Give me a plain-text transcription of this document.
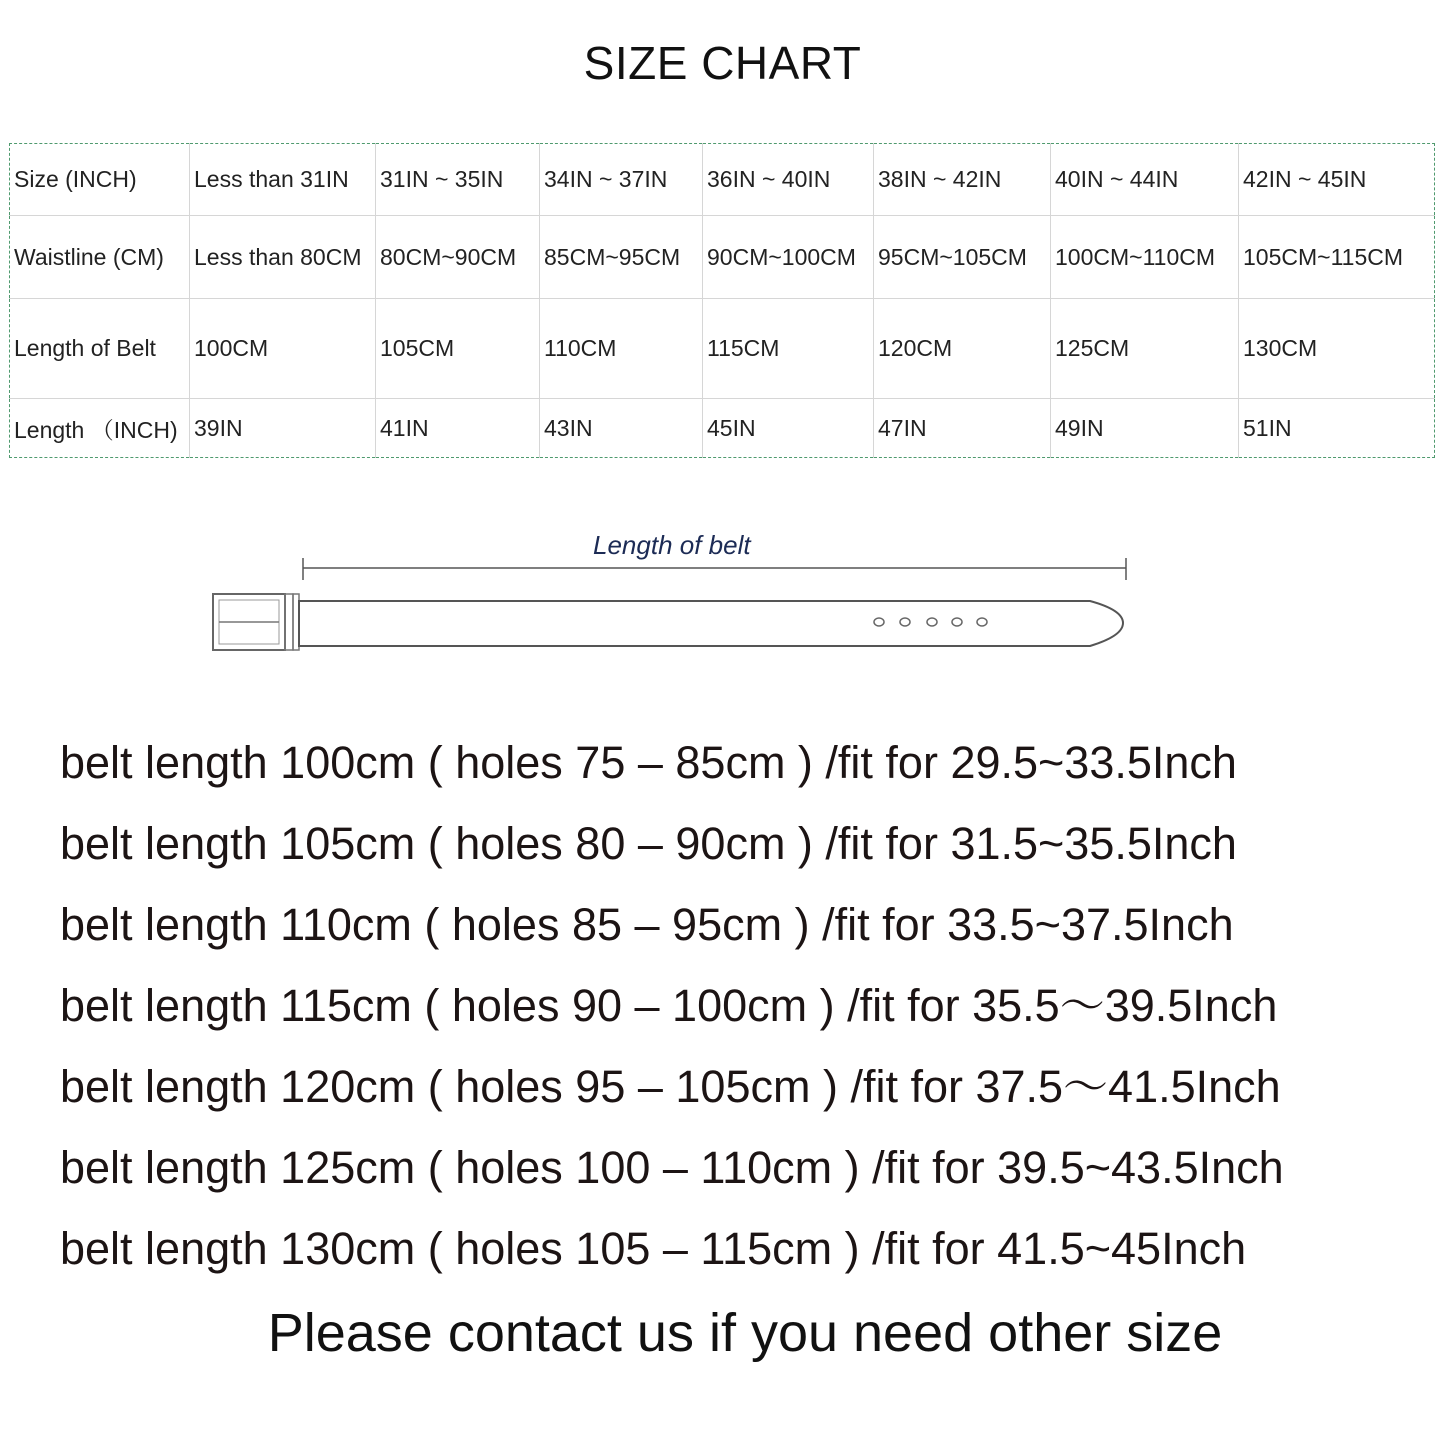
SIZE CHART
Size (INCH)	Less than 31IN	31IN ~ 35IN	34IN ~ 37IN	36IN ~ 40IN	38IN ~ 42IN	40IN ~ 44IN	42IN ~ 45IN
Waistline (CM)	Less than 80CM	80CM~90CM	85CM~95CM	90CM~100CM	95CM~105CM	100CM~110CM	105CM~115CM
Length of Belt	100CM	105CM	110CM	115CM	120CM	125CM	130CM
Length （INCH)	39IN	41IN	43IN	45IN	47IN	49IN	51IN
Length of belt
belt length 100cm ( holes 75 – 85cm ) /fit for 29.5~33.5Inch
belt length 105cm ( holes 80 – 90cm ) /fit for 31.5~35.5Inch
belt length 110cm ( holes 85 – 95cm ) /fit for 33.5~37.5Inch
belt length 115cm ( holes 90 – 100cm ) /fit for 35.5～39.5Inch
belt length 120cm ( holes 95 – 105cm ) /fit for 37.5～41.5Inch
belt length 125cm ( holes 100 – 110cm ) /fit for 39.5~43.5Inch
belt length 130cm ( holes 105 – 115cm ) /fit for 41.5~45Inch
Please contact us if you need other size
